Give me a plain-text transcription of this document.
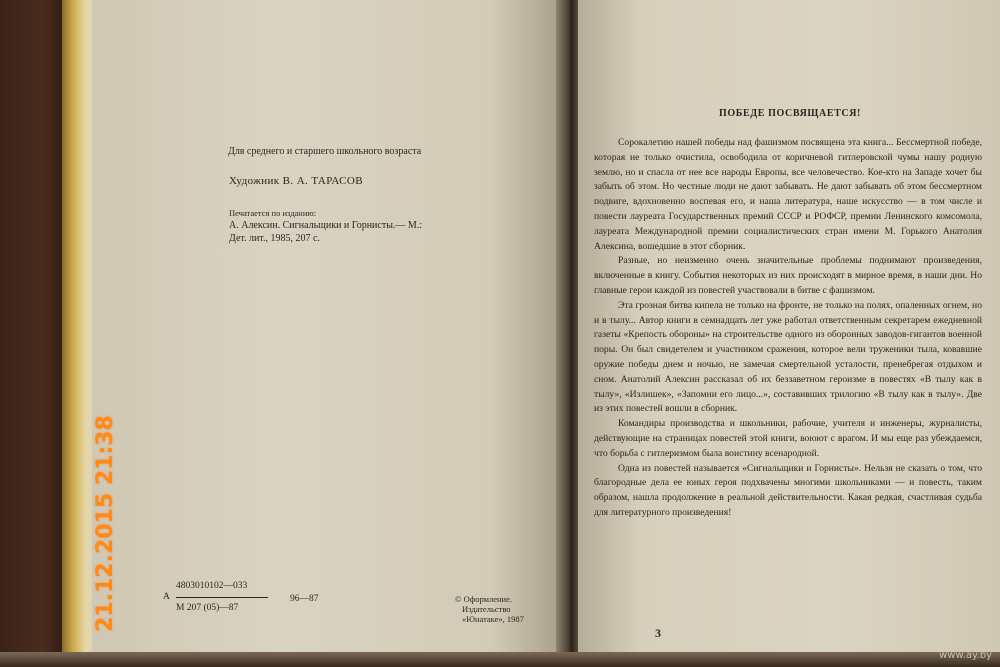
Для среднего и старшего школьного возраста
Художник В. А. ТАРАСОВ
Печатается по изданию:
А. Алексин. Сигнальщики и Горнисты.— М.:
Дет. лит., 1985, 207 с.
4803010102—033
А	96—87
М 207 (05)—87
© Оформление.
Издательство
«Юнатаке», 1987
ПОБЕДЕ ПОСВЯЩАЕТСЯ!

Сорокалетию нашей победы над фашизмом посвящена эта книга... Бессмертной победе, которая не только очистила, освободила от коричневой гитлеровской чумы нашу родную землю, но и спасла от нее все народы Европы, все человечество. Кое-кто на Западе хочет бы забыть об этом. Но честные люди не дают забывать. Не дают забывать об этом бессмертном подвиге, вдохновенно воспевая его, и наша литература, наше искусство — в том числе и повести лауреата Государственных премий СССР и РОФСР, премии Ленинского комсомола, лауреата Международной премии социалистических стран имени М. Горького Анатолия Алексина, вошедшие в этот сборник.

Разные, но неизменно очень значительные проблемы поднимают произведения, включенные в книгу. События некоторых из них происходят в мирное время, в наши дни. Но главные герои каждой из повестей участвовали в битве с фашизмом.

Эта грозная битва кипела не только на фронте, не только на полях, опаленных огнем, но и в тылу... Автор книги в семнадцать лет уже работал ответственным секретарем ежедневной газеты «Крепость обороны» на строительстве одного из оборонных заводов-гигантов военной поры. Он был свидетелем и участником сражения, которое вели труженики тыла, ковавшие оружие победы днем и ночью, не замечая смертельной усталости, пренебрегая отдыхом и сном. Анатолий Алексин рассказал об их беззаветном героизме в повестях «В тылу как в тылу», «Излишек», «Запомни его лицо...», составивших трилогию «В тылу как в тылу». Две из этих повестей вошли в сборник.

Командиры производства и школьники, рабочие, учителя и инженеры, журналисты, действующие на страницах повестей этой книги, воюют с врагом. И мы еще раз убеждаемся, что борьба с гитлеризмом была воистину всенародной.

Одна из повестей называется «Сигнальщики и Горнисты». Нельзя не сказать о том, что благородные дела ее юных героя подхвачены многими школьниками — и повесть, таким образом, нашла продолжение в реальной действительности. Какая редкая, счастливая судьба для литературного произведения!

3
21.12.2015 21:38
www.ay.by
